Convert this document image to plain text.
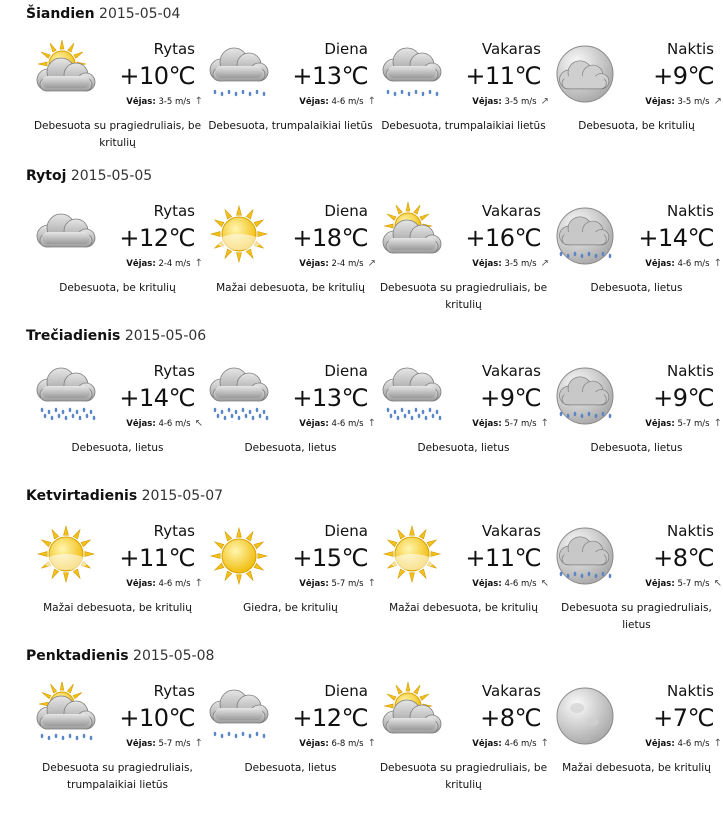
Šiandien 2015-05-04
Rytas
+10℃
Vėjas: 3-5 m/s ↑
Debesuota su pragiedruliais, be kritulių
Diena
+13℃
Vėjas: 4-6 m/s ↑
Debesuota, trumpalaikiai lietūs
Vakaras
+11℃
Vėjas: 3-5 m/s ↗
Debesuota, trumpalaikiai lietūs
Naktis
+9℃
Vėjas: 3-5 m/s ↗
Debesuota, be kritulių
Rytoj 2015-05-05
Rytas
+12℃
Vėjas: 2-4 m/s ↑
Debesuota, be kritulių
Diena
+18℃
Vėjas: 2-4 m/s ↗
Mažai debesuota, be kritulių
Vakaras
+16℃
Vėjas: 3-5 m/s ↗
Debesuota su pragiedruliais, be kritulių
Naktis
+14℃
Vėjas: 4-6 m/s ↑
Debesuota, lietus
Trečiadienis 2015-05-06
Rytas
+14℃
Vėjas: 4-6 m/s ↖
Debesuota, lietus
Diena
+13℃
Vėjas: 4-6 m/s ↑
Debesuota, lietus
Vakaras
+9℃
Vėjas: 5-7 m/s ↑
Debesuota, lietus
Naktis
+9℃
Vėjas: 5-7 m/s ↑
Debesuota, lietus
Ketvirtadienis 2015-05-07
Rytas
+11℃
Vėjas: 4-6 m/s ↑
Mažai debesuota, be kritulių
Diena
+15℃
Vėjas: 5-7 m/s ↑
Giedra, be kritulių
Vakaras
+11℃
Vėjas: 4-6 m/s ↖
Mažai debesuota, be kritulių
Naktis
+8℃
Vėjas: 5-7 m/s ↖
Debesuota su pragiedruliais, lietus
Penktadienis 2015-05-08
Rytas
+10℃
Vėjas: 5-7 m/s ↑
Debesuota su pragiedruliais, trumpalaikiai lietūs
Diena
+12℃
Vėjas: 6-8 m/s ↑
Debesuota, lietus
Vakaras
+8℃
Vėjas: 4-6 m/s ↑
Debesuota su pragiedruliais, be kritulių
Naktis
+7℃
Vėjas: 4-6 m/s ↑
Mažai debesuota, be kritulių
